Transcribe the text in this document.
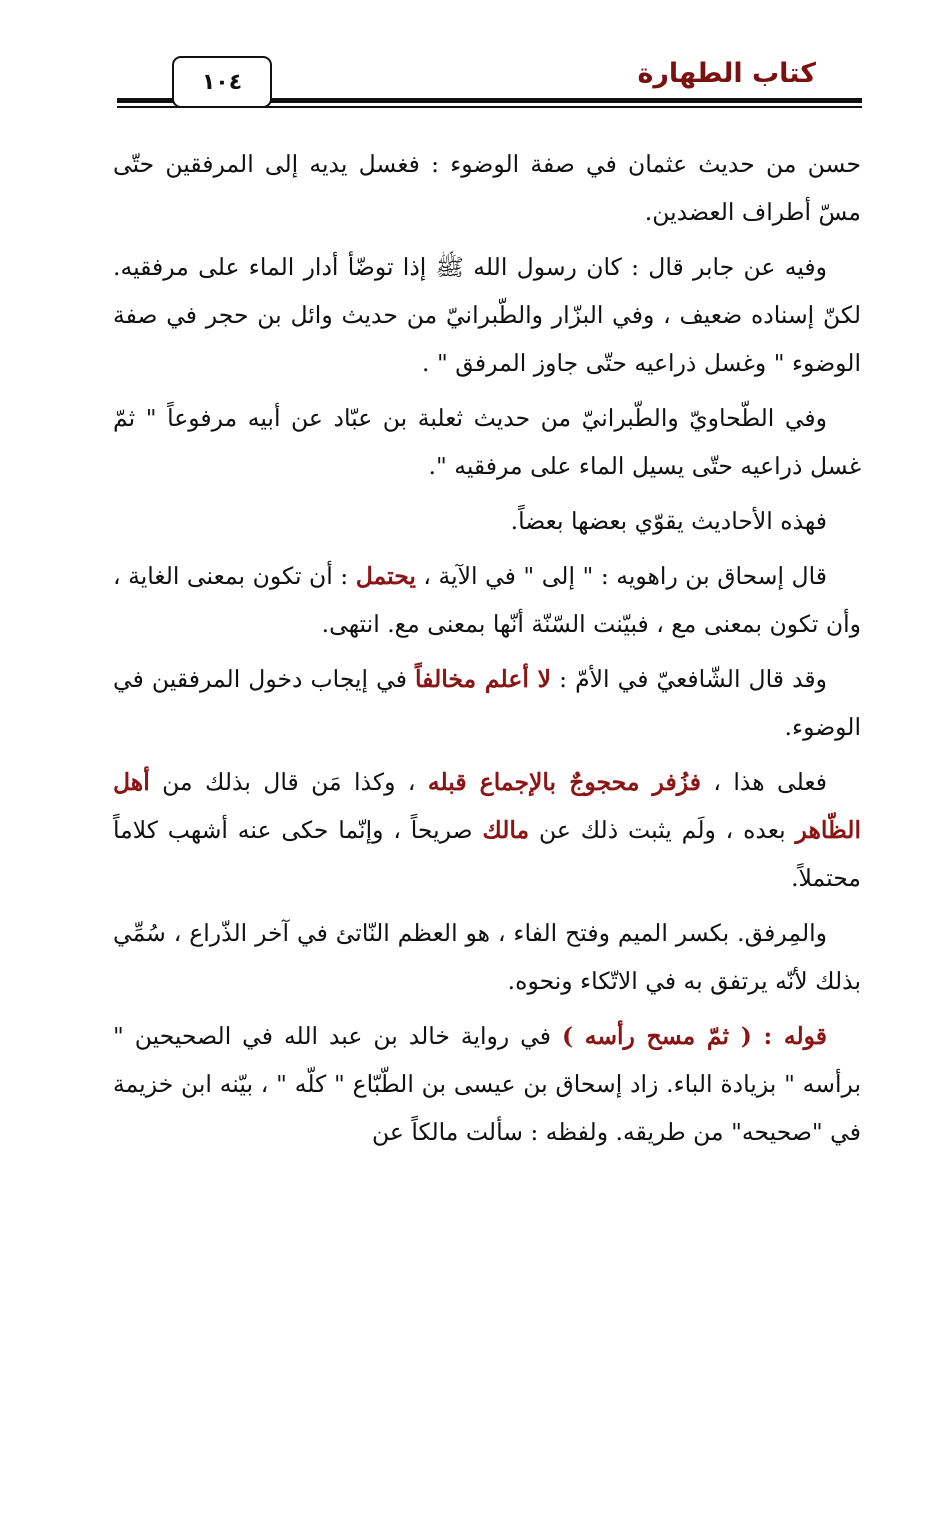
١٠٤	كتاب الطهارة

حسن من حديث عثمان في صفة الوضوء : فغسل يديه إلى المرفقين حتّى مسّ أطراف العضدين.

وفيه عن جابر قال : كان رسول الله ﷺ إذا توضّأ أدار الماء على مرفقيه. لكنّ إسناده ضعيف ، وفي البزّار والطّبرانيّ من حديث وائل بن حجر في صفة الوضوء " وغسل ذراعيه حتّى جاوز المرفق " .

وفي الطّحاويّ والطّبرانيّ من حديث ثعلبة بن عبّاد عن أبيه مرفوعاً " ثمّ غسل ذراعيه حتّى يسيل الماء على مرفقيه ".

فهذه الأحاديث يقوّي بعضها بعضاً.

قال إسحاق بن راهويه : " إلى " في الآية ، يحتمل : أن تكون بمعنى الغاية ، وأن تكون بمعنى مع ، فبيّنت السّنّة أنّها بمعنى مع. انتهى.

وقد قال الشّافعيّ في الأمّ : لا أعلم مخالفاً في إيجاب دخول المرفقين في الوضوء.

فعلى هذا ، فزُفر محجوجٌ بالإجماع قبله ، وكذا مَن قال بذلك من أهل الظّاهر بعده ، ولَم يثبت ذلك عن مالك صريحاً ، وإنّما حكى عنه أشهب كلاماً محتملاً.

والمِرفق. بكسر الميم وفتح الفاء ، هو العظم النّاتئ في آخر الذّراع ، سُمِّي بذلك لأنّه يرتفق به في الاتّكاء ونحوه.

قوله : ( ثمّ مسح رأسه ) في رواية خالد بن عبد الله في الصحيحين " برأسه " بزيادة الباء. زاد إسحاق بن عيسى بن الطّبّاع " كلّه " ، بيّنه ابن خزيمة في "صحيحه" من طريقه. ولفظه : سألت مالكاً عن
